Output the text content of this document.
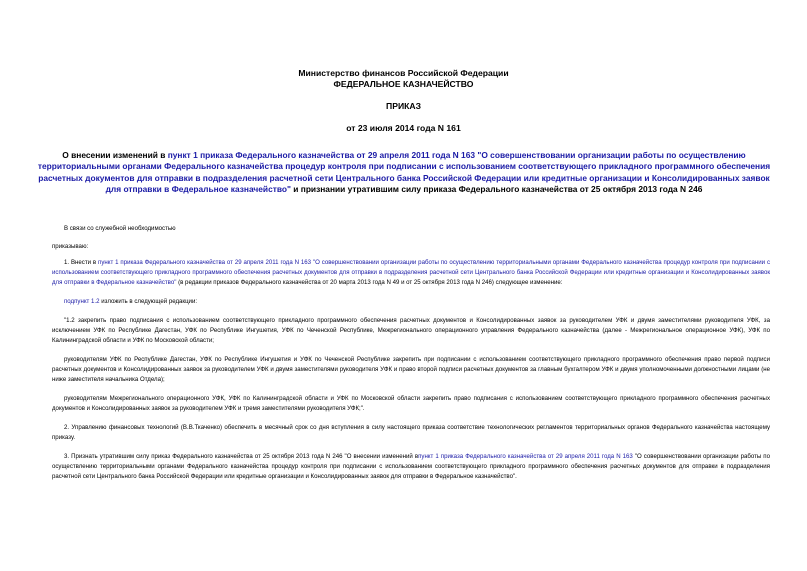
Министерство финансов Российской Федерации
ФЕДЕРАЛЬНОЕ КАЗНАЧЕЙСТВО
ПРИКАЗ
от 23 июля 2014 года N 161
О внесении изменений в пункт 1 приказа Федерального казначейства от 29 апреля 2011 года N 163 "О совершенствовании организации работы по осуществлению территориальными органами Федерального казначейства процедур контроля при подписании с использованием соответствующего прикладного программного обеспечения расчетных документов для отправки в подразделения расчетной сети Центрального банка Российской Федерации или кредитные организации и Консолидированных заявок для отправки в Федеральное казначейство" и признании утратившим силу приказа Федерального казначейства от 25 октября 2013 года N 246

В связи со служебной необходимостью

приказываю:

1. Внести в пункт 1 приказа Федерального казначейства от 29 апреля 2011 года N 163 "О совершенствовании организации работы по осуществлению территориальными органами Федерального казначейства процедур контроля при подписании с использованием соответствующего прикладного программного обеспечения расчетных документов для отправки в подразделения расчетной сети Центрального банка Российской Федерации или кредитные организации и Консолидированных заявок для отправки в Федеральное казначейство" (в редакции приказов Федерального казначейства от 20 марта 2013 года N 49 и от 25 октября 2013 года N 246) следующее изменение:

подпункт 1.2 изложить в следующей редакции:

"1.2 закрепить право подписания с использованием соответствующего прикладного программного обеспечения расчетных документов и Консолидированных заявок за руководителем УФК и двумя заместителями руководителя УФК, за исключением УФК по Республике Дагестан, УФК по Республике Ингушетия, УФК по Чеченской Республике, Межрегионального операционного управления Федерального казначейства (далее - Межрегиональное операционное УФК), УФК по Калининградской области и УФК по Московской области;

руководителям УФК по Республике Дагестан, УФК по Республике Ингушетия и УФК по Чеченской Республике закрепить при подписании с использованием соответствующего прикладного программного обеспечения право первой подписи расчетных документов и Консолидированных заявок за руководителем УФК и двумя заместителями руководителя УФК и право второй подписи расчетных документов за главным бухгалтером УФК и двумя уполномоченными должностными лицами (не ниже заместителя начальника Отдела);

руководителям Межрегионального операционного УФК, УФК по Калининградской области и УФК по Московской области закрепить право подписания с использованием соответствующего прикладного программного обеспечения расчетных документов и Консолидированных заявок за руководителем УФК и тремя заместителями руководителя УФК;".

2. Управлению финансовых технологий (В.В.Ткаченко) обеспечить в месячный срок со дня вступления в силу настоящего приказа соответствие технологических регламентов территориальных органов Федерального казначейства настоящему приказу.

3. Признать утратившим силу приказ Федерального казначейства от 25 октября 2013 года N 246 "О внесении изменений впункт 1 приказа Федерального казначейства от 29 апреля 2011 года N 163 "О совершенствовании организации работы по осуществлению территориальными органами Федерального казначейства процедур контроля при подписании с использованием соответствующего прикладного программного обеспечения расчетных документов для отправки в подразделения расчетной сети Центрального банка Российской Федерации или кредитные организации и Консолидированных заявок для отправки в Федеральное казначейство".
